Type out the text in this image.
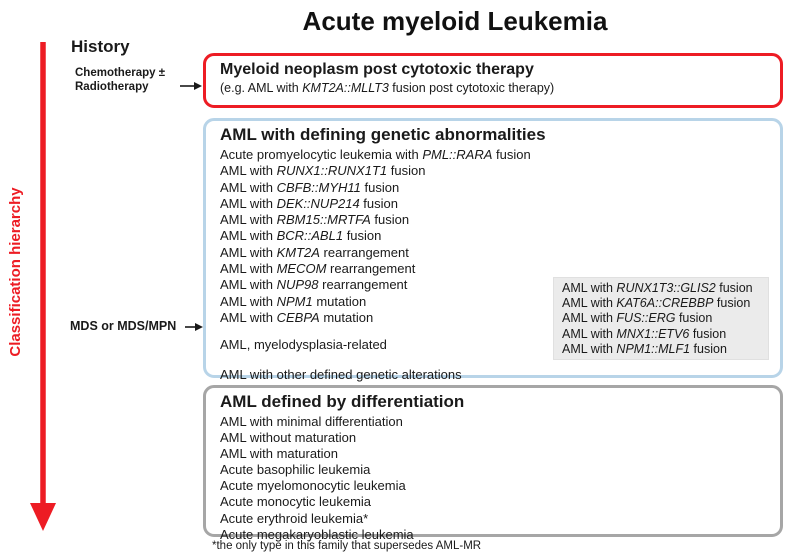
Acute myeloid Leukemia
History
Chemotherapy ±
Radiotherapy
Classification hierarchy	MDS or MDS/MPN
Myeloid neoplasm post cytotoxic therapy
(e.g. AML with KMT2A::MLLT3 fusion post cytotoxic therapy)
AML with defining genetic abnormalities
Acute promyelocytic leukemia with PML::RARA fusion
AML with RUNX1::RUNX1T1 fusion
AML with CBFB::MYH11 fusion
AML with DEK::NUP214 fusion
AML with RBM15::MRTFA fusion
AML with BCR::ABL1 fusion
AML with KMT2A rearrangement
AML with MECOM rearrangement
AML with NUP98 rearrangement
AML with NPM1 mutation
AML with CEBPA mutation
AML, myelodysplasia-related
AML with other defined genetic alterations
AML with RUNX1T3::GLIS2 fusion
AML with KAT6A::CREBBP fusion
AML with FUS::ERG fusion
AML with MNX1::ETV6 fusion
AML with NPM1::MLF1 fusion
AML defined by differentiation
AML with minimal differentiation
AML without maturation
AML with maturation
Acute basophilic leukemia
Acute myelomonocytic leukemia
Acute monocytic leukemia
Acute erythroid leukemia*
Acute megakaryoblastic leukemia
*the only type in this family that supersedes AML-MR
